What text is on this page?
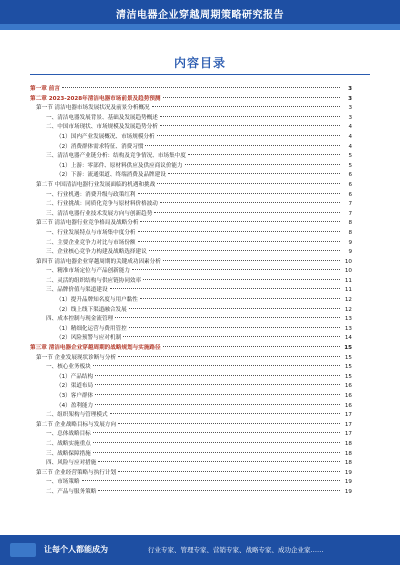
清洁电器企业穿越周期策略研究报告
内容目录
第一章 前言	3
第二章 2023-2028年清洁电器市场前景及趋势预测	3
第一节 清洁电器市场发展状况及前景分析概况	3
一、清洁电器发展背景、基础及发展趋势概述	3
二、中国市场现状、市场规模及发展趋势分析	4
（1）国内产业发展概况、市场规模分析	4
（2）消费群体需求特征、消费习惯	4
三、清洁电器产业链分析：结构及竞争情况、市场集中度	5
（1）上游：零部件、原材料供应及供应商议价能力	5
（2）下游：流通渠道、终端消费及品牌建设	6
第二节 中国清洁电器行业发展面临的机遇和挑战	6
一、行业机遇：消费升级与政策红利	6
二、行业挑战：同质化竞争与原材料价格波动	7
三、清洁电器行业技术发展方向与创新趋势	7
第三节 清洁电器行业竞争格局及战略分析	8
一、行业发展特点与市场集中度分析	8
二、主要企业竞争力对比与市场份额	9
三、企业核心竞争力构建及战略选择建议	9
第四节 清洁电器企业穿越周期的关键成功因素分析	10
一、精准市场定位与产品创新能力	10
二、灵活的组织结构与供应链协同效率	11
三、品牌价值与渠道建设	11
（1）提升品牌知名度与用户黏性	12
（2）线上线下渠道融合发展	12
四、成本控制与现金流管理	13
（1）精细化运营与费用管控	13
（2）风险预警与应对机制	14
第三章 清洁电器企业穿越周期的战略规划与实施路径	15
第一节 企业发展现状诊断与分析	15
一、核心业务板块	15
（1）产品结构	15
（2）渠道布局	16
（3）客户群体	16
（4）盈利能力	16
二、组织架构与管理模式	17
第二节 企业战略目标与发展方向	17
一、总体战略目标	17
二、战略实施重点	18
三、战略保障措施	18
四、风险与应对措施	18
第三节 企业经营策略与执行计划	19
一、市场策略	19
二、产品与服务策略	19
让每个人都能成为	行业专家、管理专家、营销专家、战略专家、成功企业家……
